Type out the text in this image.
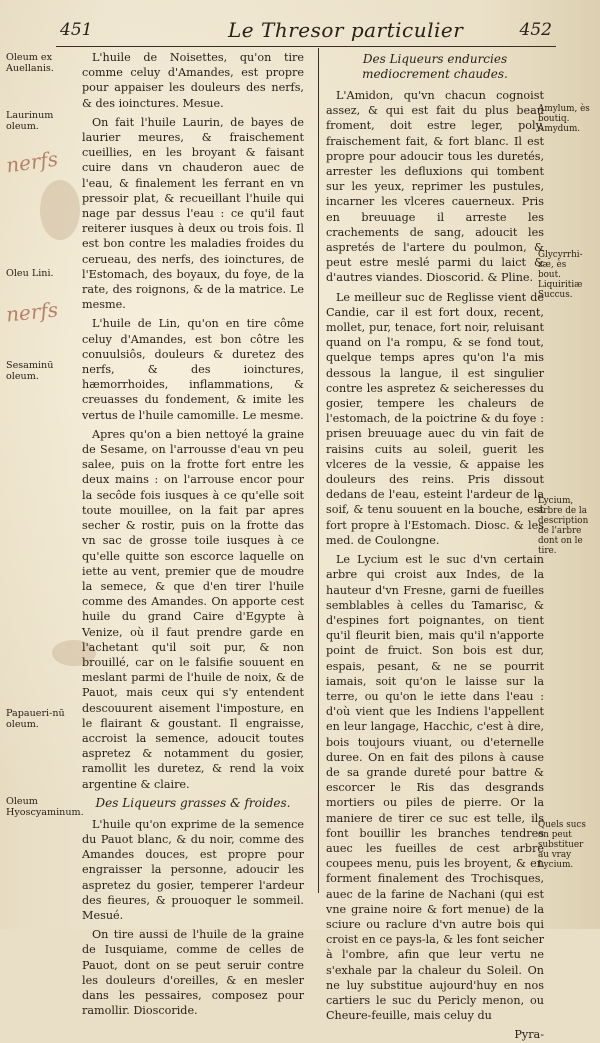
451	Le Thresor particulier	452
nerfs
nerfs
Oleum ex Auellanis.
Laurinum oleum.
Oleu Lini.
Sesaminū oleum.
Papaueri-nū oleum.
Oleum Hyoscyaminum.
Amylum, ès boutiq. Amydum.
Glycyrrhi-zæ, ès bout. Liquiritiæ Succus.
Lycium, arbre de la description de l'arbre dont on le tire.
Quels sucs on peut substituer au vray Lycium.

L'huile de Noisettes, qu'on tire comme celuy d'Amandes, est propre pour appaiser les douleurs des nerfs, & des ioinctures. Mesue.

On fait l'huile Laurin, de bayes de laurier meures, & fraischement cueillies, en les broyant & faisant cuire dans vn chauderon auec de l'eau, & finalement les ferrant en vn pressoir plat, & recueillant l'huile qui nage par dessus l'eau : ce qu'il faut reiterer iusques à deux ou trois fois. Il est bon contre les maladies froides du cerueau, des nerfs, des ioinctures, de l'Estomach, des boyaux, du foye, de la rate, des roignons, & de la matrice. Le mesme.

L'huile de Lin, qu'on en tire côme celuy d'Amandes, est bon côtre les conuulsiôs, douleurs & duretez des nerfs, & des ioinctures, hæmorrhoides, inflammations, & creuasses du fondement, & imite les vertus de l'huile camomille. Le mesme.

Apres qu'on a bien nettoyé la graine de Sesame, on l'arrousse d'eau vn peu salee, puis on la frotte fort entre les deux mains : on l'arrouse encor pour la secôde fois iusques à ce qu'elle soit toute mouillee, on la fait par apres secher & rostir, puis on la frotte das vn sac de grosse toile iusques à ce qu'elle quitte son escorce laquelle on iette au vent, premier que de moudre la semece, & que d'en tirer l'huile comme des Amandes. On apporte cest huile du grand Caire d'Egypte à Venize, où il faut prendre garde en l'achetant qu'il soit pur, & non brouillé, car on le falsifie souuent en meslant parmi de l'huile de noix, & de Pauot, mais ceux qui s'y entendent descouurent aisement l'imposture, en le flairant & goustant. Il engraisse, accroist la semence, adoucit toutes aspretez & notamment du gosier, ramollit les duretez, & rend la voix argentine & claire.

Des Liqueurs grasses & froides.

L'huile qu'on exprime de la semence du Pauot blanc, & du noir, comme des Amandes douces, est propre pour engraisser la personne, adoucir les aspretez du gosier, temperer l'ardeur des fieures, & prouoquer le sommeil. Mesué.

On tire aussi de l'huile de la graine de Iusquiame, comme de celles de Pauot, dont on se peut seruir contre les douleurs d'oreilles, & en mesler dans les pessaires, composez pour ramollir. Dioscoride.

Des Liqueurs endurcies mediocrement chaudes.

L'Amidon, qu'vn chacun cognoist assez, & qui est fait du plus beau froment, doit estre leger, poly, fraischement fait, & fort blanc. Il est propre pour adoucir tous les duretés, arrester les defluxions qui tombent sur les yeux, reprimer les pustules, incarner les vlceres cauerneux. Pris en breuuage il arreste les crachements de sang, adoucit les aspretés de l'artere du poulmon, & peut estre meslé parmi du laict & d'autres viandes. Dioscorid. & Pline.

Le meilleur suc de Reglisse vient de Candie, car il est fort doux, recent, mollet, pur, tenace, fort noir, reluisant quand on l'a rompu, & se fond tout, quelque temps apres qu'on l'a mis dessous la langue, il est singulier contre les aspretez & seicheresses du gosier, tempere les chaleurs de l'estomach, de la poictrine & du foye : prisen breuuage auec du vin fait de raisins cuits au soleil, guerit les vlceres de la vessie, & appaise les douleurs des reins. Pris dissout dedans de l'eau, esteint l'ardeur de la soif, & tenu souuent en la bouche, est fort propre à l'Estomach. Diosc. & les med. de Coulongne.

Le Lycium est le suc d'vn certain arbre qui croist aux Indes, de la hauteur d'vn Fresne, garni de fueilles semblables à celles du Tamarisc, & d'espines fort poignantes, on tient qu'il fleurit bien, mais qu'il n'apporte point de fruict. Son bois est dur, espais, pesant, & ne se pourrit iamais, soit qu'on le laisse sur la terre, ou qu'on le iette dans l'eau : d'où vient que les Indiens l'appellent en leur langage, Hacchic, c'est à dire, bois toujours viuant, ou d'eternelle duree. On en fait des pilons à cause de sa grande dureté pour battre & escorcer le Ris das desgrands mortiers ou piles de pierre. Or la maniere de tirer ce suc est telle, ils font bouillir les branches tendres auec les fueilles de cest arbre coupees menu, puis les broyent, & en forment finalement des Trochisques, auec de la farine de Nachani (qui est vne graine noire & fort menue) de la sciure ou raclure d'vn autre bois qui croist en ce pays-la, & les font seicher à l'ombre, afin que leur vertu ne s'exhale par la chaleur du Soleil. On ne luy substitue aujourd'huy en nos cartiers le suc du Pericly menon, ou Cheure-feuille, mais celuy du

Pyra-
